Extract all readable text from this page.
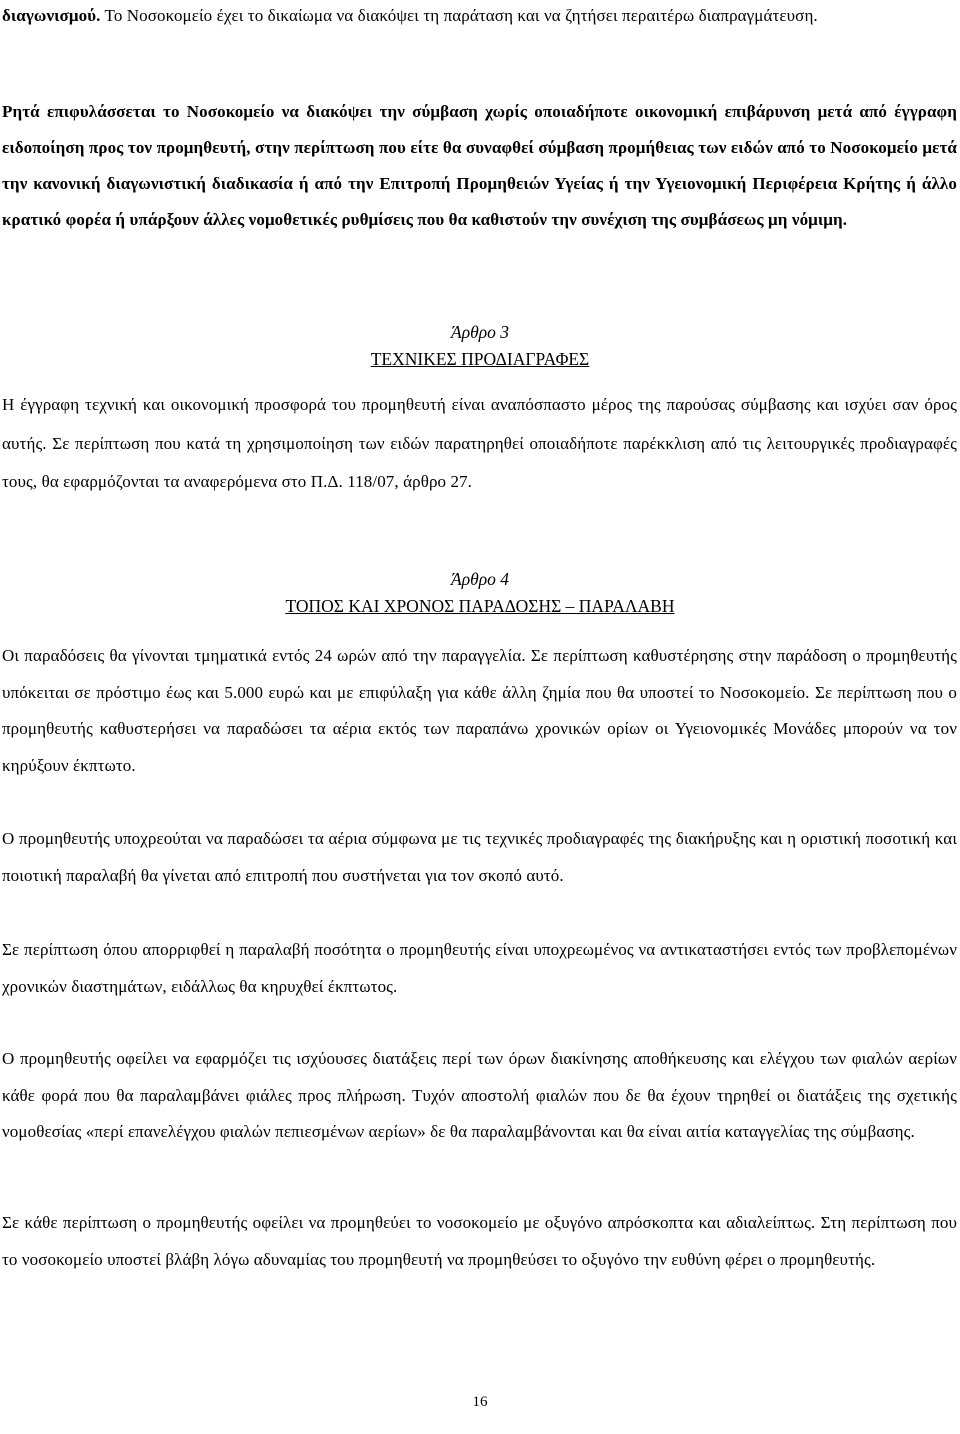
διαγωνισμού. Το Νοσοκομείο έχει το δικαίωμα να διακόψει τη παράταση και να ζητήσει περαιτέρω διαπραγμάτευση.

Ρητά επιφυλάσσεται το Νοσοκομείο να διακόψει την σύμβαση χωρίς οποιαδήποτε οικονομική επιβάρυνση μετά από έγγραφη ειδοποίηση προς τον προμηθευτή, στην περίπτωση που είτε θα συναφθεί σύμβαση προμήθειας των ειδών από το Νοσοκομείο μετά την κανονική διαγωνιστική διαδικασία ή από την Επιτροπή Προμηθειών Υγείας ή την Υγειονομική Περιφέρεια Κρήτης ή άλλο κρατικό φορέα ή υπάρξουν άλλες νομοθετικές ρυθμίσεις που θα καθιστούν την συνέχιση της συμβάσεως μη νόμιμη.

Άρθρο 3
ΤΕΧΝΙΚΕΣ ΠΡΟΔΙΑΓΡΑΦΕΣ

Η έγγραφη τεχνική και οικονομική προσφορά του προμηθευτή είναι αναπόσπαστο μέρος της παρούσας σύμβασης και ισχύει σαν όρος αυτής. Σε περίπτωση που κατά τη χρησιμοποίηση των ειδών παρατηρηθεί οποιαδήποτε παρέκκλιση από τις λειτουργικές προδιαγραφές τους, θα εφαρμόζονται τα αναφερόμενα στο Π.Δ. 118/07, άρθρο 27.

Άρθρο 4
ΤΟΠΟΣ ΚΑΙ ΧΡΟΝΟΣ ΠΑΡΑΔΟΣΗΣ – ΠΑΡΑΛΑΒΗ

Οι παραδόσεις θα γίνονται τμηματικά εντός 24 ωρών από την παραγγελία. Σε περίπτωση καθυστέρησης στην παράδοση ο προμηθευτής υπόκειται σε πρόστιμο έως και 5.000 ευρώ και με επιφύλαξη για κάθε άλλη ζημία που θα υποστεί το Νοσοκομείο. Σε περίπτωση που ο προμηθευτής καθυστερήσει να παραδώσει τα αέρια εκτός των παραπάνω χρονικών ορίων οι Υγειονομικές Μονάδες μπορούν να τον κηρύξουν έκπτωτο.

Ο προμηθευτής υποχρεούται να παραδώσει τα αέρια σύμφωνα με τις τεχνικές προδιαγραφές της διακήρυξης και η οριστική ποσοτική και ποιοτική παραλαβή θα γίνεται από επιτροπή που συστήνεται για τον σκοπό αυτό.

Σε περίπτωση όπου απορριφθεί η παραλαβή ποσότητα ο προμηθευτής είναι υποχρεωμένος να αντικαταστήσει εντός των προβλεπομένων χρονικών διαστημάτων, ειδάλλως θα κηρυχθεί έκπτωτος.

Ο προμηθευτής οφείλει να εφαρμόζει τις ισχύουσες διατάξεις περί των όρων διακίνησης αποθήκευσης και ελέγχου των φιαλών αερίων κάθε φορά που θα παραλαμβάνει φιάλες προς πλήρωση. Τυχόν αποστολή φιαλών που δε θα έχουν τηρηθεί οι διατάξεις της σχετικής νομοθεσίας «περί επανελέγχου φιαλών πεπιεσμένων αερίων» δε θα παραλαμβάνονται και θα είναι αιτία καταγγελίας της σύμβασης.

Σε κάθε περίπτωση ο προμηθευτής οφείλει να προμηθεύει το νοσοκομείο με οξυγόνο απρόσκοπτα και αδιαλείπτως. Στη περίπτωση που το νοσοκομείο υποστεί βλάβη λόγω αδυναμίας του προμηθευτή να προμηθεύσει το οξυγόνο την ευθύνη φέρει ο προμηθευτής.

16
